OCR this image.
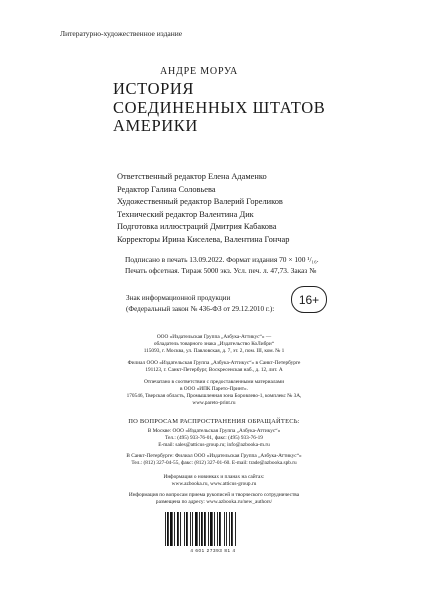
Литературно-художественное издание
АНДРЕ МОРУА
ИСТОРИЯ
СОЕДИНЕННЫХ ШТАТОВ
АМЕРИКИ
Ответственный редактор Елена Адаменко
Редактор Галина Соловьева
Художественный редактор Валерий Гореликов
Технический редактор Валентина Дик
Подготовка иллюстраций Дмитрия Кабакова
Корректоры Ирина Киселева, Валентина Гончар
Подписано в печать 13.09.2022. Формат издания 70 × 100 ¹/₁₆.
Печать офсетная. Тираж 5000 экз. Усл. печ. л. 47,73. Заказ №
Знак информационной продукции
(Федеральный закон № 436-ФЗ от 29.12.2010 г.):
16+
ООО «Издательская Группа „Азбука-Аттикус“» —
обладатель товарного знака „Издательство КоЛибри“
115093, г. Москва, ул. Павловская, д. 7, эт. 2, пом. III, ком. № 1
Филиал ООО «Издательская Группа „Азбука-Аттикус“» в Санкт-Петербурге
191123, г. Санкт-Петербург, Воскресенская наб., д. 12, лит. А
Отпечатано в соответствии с предоставленными материалами
в ООО «ИПК Парето-Принт».
170546, Тверская область, Промышленная зона Боровлево-1, комплекс № 3А,
www.pareto-print.ru
ПО ВОПРОСАМ РАСПРОСТРАНЕНИЯ ОБРАЩАЙТЕСЬ:
В Москве: ООО «Издательская Группа „Азбука-Аттикус“»
Тел.: (495) 933-76-01, факс: (495) 933-76-19
E-mail: sales@atticus-group.ru; info@azbooka-m.ru
В Санкт-Петербурге: Филиал ООО «Издательская Группа „Азбука-Аттикус“»
Тел.: (812) 327-04-55, факс: (812) 327-01-60. E-mail: trade@azbooka.spb.ru
Информация о новинках и планах на сайтах:
www.azbooka.ru, www.atticus-group.ru
Информация по вопросам приема рукописей и творческого сотрудничества
размещена по адресу: www.azbooka.ru/new_authors/
4 601 27393 81 4
